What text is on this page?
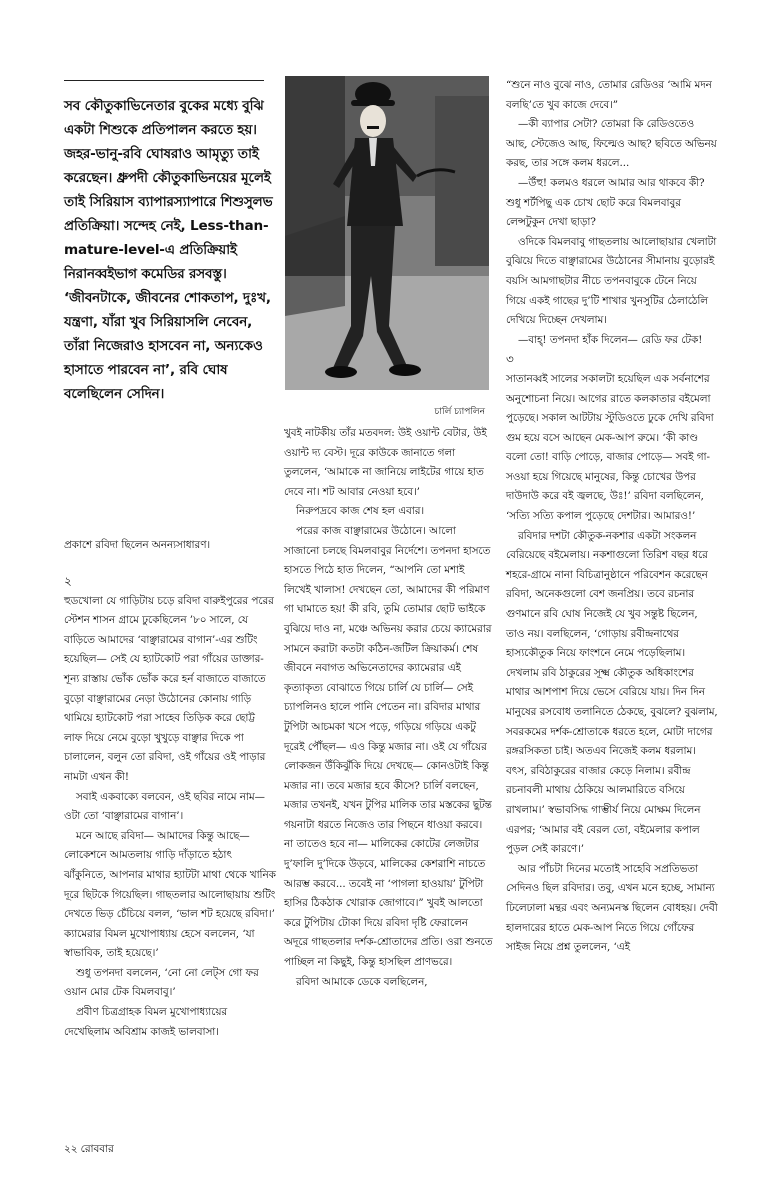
সব কৌতুকাভিনেতার বুকের মধ্যে বুঝি একটা শিশুকে প্রতিপালন করতে হয়। জহর-ভানু-রবি ঘোষরাও আমৃত্যু তাই করেছেন। ধ্রুপদী কৌতুকাভিনয়ের মূলেই তাই সিরিয়াস ব্যাপারস্যাপারে শিশুসুলভ প্রতিক্রিয়া। সন্দেহ নেই, Less-than-mature-level-এ প্রতিক্রিয়াই নিরানব্বইভাগ কমেডির রসবস্তু। ‘জীবনটাকে, জীবনের শোকতাপ, দুঃখ, যন্ত্রণা, যাঁরা খুব সিরিয়াসলি নেবেন, তাঁরা নিজেরাও হাসবেন না, অন্যকেও হাসাতে পারবেন না’, রবি ঘোষ বলেছিলেন সেদিন।

প্রকাশে রবিদা ছিলেন অনন্যসাধারণ।

২

হুডখোলা যে গাড়িটায় চড়ে রবিদা বারুইপুরের পরের স্টেশন শাসন গ্রামে ঢুকেছিলেন ’৮০ সালে, যে বাড়িতে আমাদের ‘বাঞ্ছারামের বাগান’-এর শুটিং হয়েছিল— সেই যে হ্যাটকোট পরা গাঁয়ের ডাক্তার-শূন্য রাস্তায় ভোঁক ভোঁক করে হর্ন বাজাতে বাজাতে বুড়ো বাঞ্ছারামের নেড়া উঠোনের কোনায় গাড়ি থামিয়ে হ্যাটকোট পরা সাহেব তিড়িক করে ছোট্ট লাফ দিয়ে নেমে বুড়ো খুখুড়ে বাঞ্ছার দিকে পা চালালেন, বলুন তো রবিদা, ওই গাঁয়ের ওই পাড়ার নামটা এখন কী!

সবাই একবাক্যে বলবেন, ওই ছবির নামে নাম— ওটা তো ‘বাঞ্ছারামের বাগান’।

মনে আছে রবিদা— আমাদের কিন্তু আছে— লোকেশনে আমতলায় গাড়ি দাঁড়াতে হঠাৎ ঝাঁকুনিতে, আপনার মাথার হ্যাটটা মাথা থেকে খানিক দূরে ছিটকে গিয়েছিল। গাছতলার আলোছায়ায় শুটিং দেখতে ভিড় চেঁচিয়ে বলল, ‘ভাল শট হয়েছে রবিদা।’ ক্যামেরার বিমল মুখোপাধ্যায় হেসে বললেন, ‘যা স্বাভাবিক, তাই হয়েছে।’

শুধু তপনদা বললেন, ‘নো নো লেট্স গো ফর ওয়ান মোর টেক বিমলবাবু।’

প্রবীণ চিত্রগ্রাহক বিমল মুখোপাধ্যায়ের দেখেছিলাম অবিশ্রাম কাজই ভালবাসা।

চার্লি চ্যাপলিন

খুবই নাটকীয় তাঁর মতবদল: উই ওয়ান্ট বেটার, উই ওয়ান্ট দ্য বেস্ট। দূরে কাউকে জানাতে গলা তুললেন, ‘আমাকে না জানিয়ে লাইটের গায়ে হাত দেবে না। শট আবার নেওয়া হবে।’

নিরুপদ্রবে কাজ শেষ হল এবার।

পরের কাজ বাঞ্ছারামের উঠোনে। আলো সাজানো চলছে বিমলবাবুর নির্দেশে। তপনদা হাসতে হাসতে পিঠে হাত দিলেন, “আপনি তো মশাই লিখেই খালাস! দেখছেন তো, আমাদের কী পরিমাণ গা ঘামাতে হয়! কী রবি, তুমি তোমার ছোট ভাইকে বুঝিয়ে দাও না, মঞ্চে অভিনয় করার চেয়ে ক্যামেরার সামনে করাটা কতটা কঠিন-জটিল ক্রিয়াকর্ম। শেষ জীবনে নবাগত অভিনেতাদের ক্যামেরার এই কৃত্যাকৃত্য বোঝাতে গিয়ে চার্লি যে চার্লি— সেই চ্যাপলিনও হালে পানি পেতেন না। রবিদার মাথার টুপিটা আচমকা খসে পড়ে, গড়িয়ে গড়িয়ে একটু দূরেই পৌঁছল— এও কিন্তু মজার না। ওই যে গাঁয়ের লোকজন উঁকিঝুঁকি দিয়ে দেখছে— কোনওটাই কিন্তু মজার না। তবে মজার হবে কীসে? চার্লি বলছেন, মজার তখনই, যখন টুপির মালিক তার মস্তকের ছুটন্ত গয়নাটা ধরতে নিজেও তার পিছনে ধাওয়া করবে। না তাতেও হবে না— মালিকের কোটের লেজটার দু’ফালি দু’দিকে উড়বে, মালিকের কেশরাশি নাচতে আরম্ভ করবে... তবেই না ‘পাগলা হাওয়ায়’ টুপিটা হাসির ঠিকঠাক খোরাক জোগাবে।” খুবই আলতো করে টুপিটায় টোকা দিয়ে রবিদা দৃষ্টি ফেরালেন অদূরে গাছতলার দর্শক-শ্রোতাদের প্রতি। ওরা শুনতে পাচ্ছিল না কিছুই, কিন্তু হাসছিল প্রাণভরে।

রবিদা আমাকে ডেকে বলছিলেন,

“শুনে নাও বুঝে নাও, তোমার রেডিওর ‘আমি মদন বলছি’তে খুব কাজে দেবে।”

—কী ব্যাপার সেটা? তোমরা কি রেডিওতেও আছ, স্টেজেও আছ, ফিল্মেও আছ? ছবিতে অভিনয় করছ, তার সঙ্গে কলম ধরলে...

—উঁহু! কলমও ধরলে আমার আর থাকবে কী? শুধু শর্টপিছু এক চোখ ছোট করে বিমলবাবুর লেন্সটুকুন দেখা ছাড়া?

ওদিকে বিমলবাবু গাছতলায় আলোছায়ার খেলাটা বুঝিয়ে দিতে বাঞ্ছারামের উঠোনের সীমানায় বুড়োরই বয়সি আমগাছটার নীচে তপনবাবুকে টেনে নিয়ে গিয়ে একই গাছের দু’টি শাখার খুনসুটির ঠেলাঠেলি দেখিয়ে দিচ্ছেন দেখলাম।

—বাহ্! তপনদা হাঁক দিলেন— রেডি ফর টেক!

৩

সাতানব্বই সালের সকালটা হয়েছিল এক সর্বনাশের অনুশোচনা নিয়ে। আগের রাতে কলকাতার বইমেলা পুড়েছে। সকাল আটটায় স্টুডিওতে ঢুকে দেখি রবিদা গুম হয়ে বসে আছেন মেক-আপ রুমে। ‘কী কাণ্ড বলো তো! বাড়ি পোড়ে, বাজার পোড়ে— সবই গা-সওয়া হয়ে গিয়েছে মানুষের, কিন্তু চোখের উপর দাউদাউ করে বই জ্বলছে, উঃ!’ রবিদা বলছিলেন, ‘সত্যি সত্যি কপাল পুড়েছে দেশটার। আমারও!’

রবিদার দশটা কৌতুক-নকশার একটা সংকলন বেরিয়েছে বইমেলায়। নকশাগুলো তিরিশ বছর ধরে শহরে-গ্রামে নানা বিচিত্রানুষ্ঠানে পরিবেশন করেছেন রবিদা, অনেকগুলো বেশ জনপ্রিয়। তবে রচনার গুণমানে রবি ঘোষ নিজেই যে খুব সন্তুষ্ট ছিলেন, তাও নয়। বলছিলেন, ‘গোড়ায় রবীন্দ্রনাথের হাস্যকৌতুক নিয়ে ফাংশনে নেমে পড়েছিলাম। দেখলাম রবি ঠাকুরের সূক্ষ্ম কৌতুক অধিকাংশের মাথার আশপাশ দিয়ে ভেসে বেরিয়ে যায়। দিন দিন মানুষের রসবোধ তলানিতে ঠেকছে, বুঝলে? বুঝলাম, সবরকমের দর্শক-শ্রোতাকে ধরতে হলে, মোটা দাগের রঙ্গরসিকতা চাই। অতএব নিজেই কলম ধরলাম। বৎস, রবিঠাকুরের বাজার কেড়ে নিলাম। রবীন্দ্র রচনাবলী মাথায় ঠেকিয়ে আলমারিতে বসিয়ে রাখলাম।’ স্বভাবসিদ্ধ গাম্ভীর্য নিয়ে মোক্ষম দিলেন এরপর; ‘আমার বই বেরল তো, বইমেলার কপাল পুড়ল সেই কারণে।’

আর পাঁচটা দিনের মতোই সাহেবি সপ্রতিভতা সেদিনও ছিল রবিদার। তবু, এখন মনে হচ্ছে, সামান্য ঢিলেঢালা মন্থর এবং অন্যমনস্ক ছিলেন বোধহয়। দেবী হালদারের হাতে মেক-আপ নিতে গিয়ে গোঁফের সাইজ নিয়ে প্রশ্ন তুললেন, ‘এই

২২ রোববার
